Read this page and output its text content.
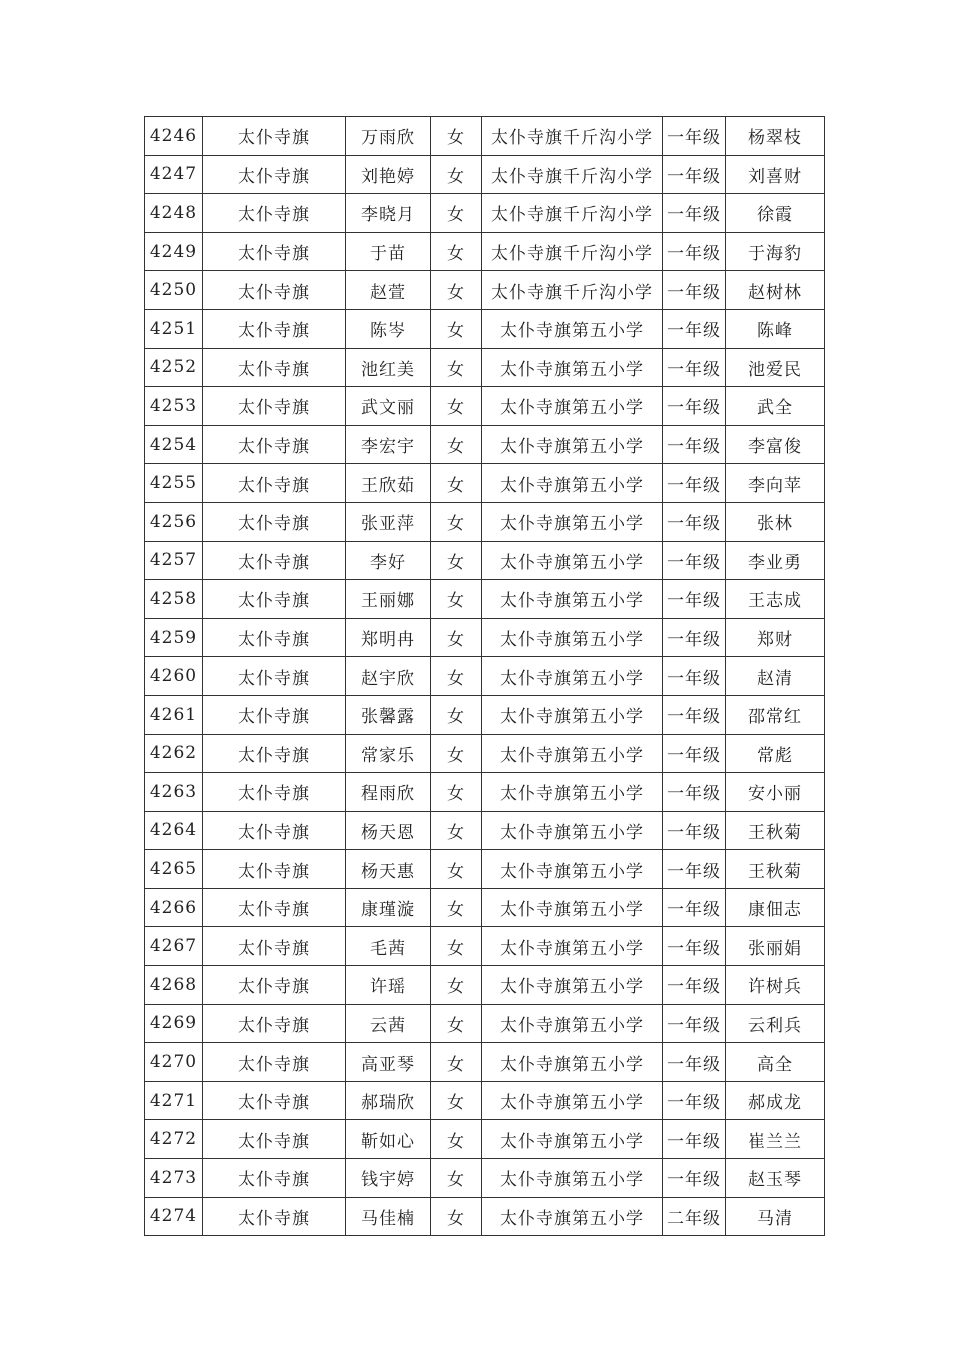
4246	太仆寺旗	万雨欣	女	太仆寺旗千斤沟小学	一年级	杨翠枝
4247	太仆寺旗	刘艳婷	女	太仆寺旗千斤沟小学	一年级	刘喜财
4248	太仆寺旗	李晓月	女	太仆寺旗千斤沟小学	一年级	徐霞
4249	太仆寺旗	于苗	女	太仆寺旗千斤沟小学	一年级	于海豹
4250	太仆寺旗	赵萱	女	太仆寺旗千斤沟小学	一年级	赵树林
4251	太仆寺旗	陈岑	女	太仆寺旗第五小学	一年级	陈峰
4252	太仆寺旗	池红美	女	太仆寺旗第五小学	一年级	池爱民
4253	太仆寺旗	武文丽	女	太仆寺旗第五小学	一年级	武全
4254	太仆寺旗	李宏宇	女	太仆寺旗第五小学	一年级	李富俊
4255	太仆寺旗	王欣茹	女	太仆寺旗第五小学	一年级	李向苹
4256	太仆寺旗	张亚萍	女	太仆寺旗第五小学	一年级	张林
4257	太仆寺旗	李好	女	太仆寺旗第五小学	一年级	李业勇
4258	太仆寺旗	王丽娜	女	太仆寺旗第五小学	一年级	王志成
4259	太仆寺旗	郑明冉	女	太仆寺旗第五小学	一年级	郑财
4260	太仆寺旗	赵宇欣	女	太仆寺旗第五小学	一年级	赵清
4261	太仆寺旗	张馨露	女	太仆寺旗第五小学	一年级	邵常红
4262	太仆寺旗	常家乐	女	太仆寺旗第五小学	一年级	常彪
4263	太仆寺旗	程雨欣	女	太仆寺旗第五小学	一年级	安小丽
4264	太仆寺旗	杨天恩	女	太仆寺旗第五小学	一年级	王秋菊
4265	太仆寺旗	杨天惠	女	太仆寺旗第五小学	一年级	王秋菊
4266	太仆寺旗	康瑾漩	女	太仆寺旗第五小学	一年级	康佃志
4267	太仆寺旗	毛茜	女	太仆寺旗第五小学	一年级	张丽娟
4268	太仆寺旗	许瑶	女	太仆寺旗第五小学	一年级	许树兵
4269	太仆寺旗	云茜	女	太仆寺旗第五小学	一年级	云利兵
4270	太仆寺旗	高亚琴	女	太仆寺旗第五小学	一年级	高全
4271	太仆寺旗	郝瑞欣	女	太仆寺旗第五小学	一年级	郝成龙
4272	太仆寺旗	靳如心	女	太仆寺旗第五小学	一年级	崔兰兰
4273	太仆寺旗	钱宇婷	女	太仆寺旗第五小学	一年级	赵玉琴
4274	太仆寺旗	马佳楠	女	太仆寺旗第五小学	二年级	马清
